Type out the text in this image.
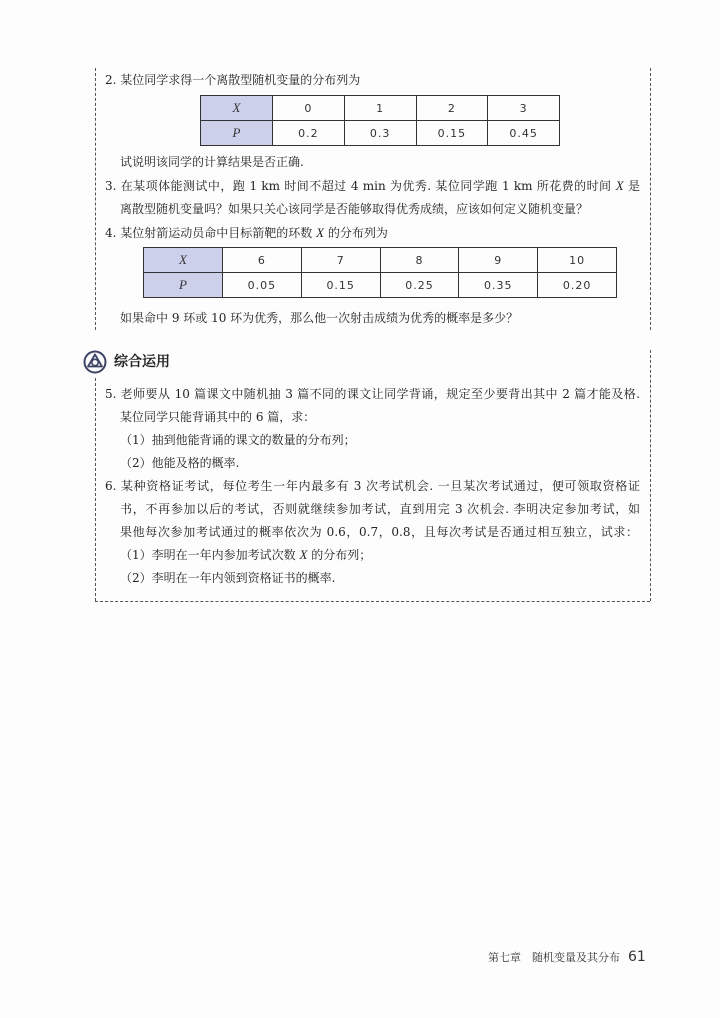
2. 某位同学求得一个离散型随机变量的分布列为
X	0	1	2	3
P	0.2	0.3	0.15	0.45
试说明该同学的计算结果是否正确.
3. 在某项体能测试中，跑 1 km 时间不超过 4 min 为优秀. 某位同学跑 1 km 所花费的时间 X 是
离散型随机变量吗？如果只关心该同学是否能够取得优秀成绩，应该如何定义随机变量？
4. 某位射箭运动员命中目标箭靶的环数 X 的分布列为
X	6	7	8	9	10
P	0.05	0.15	0.25	0.35	0.20
如果命中 9 环或 10 环为优秀，那么他一次射击成绩为优秀的概率是多少？
综合运用
5. 老师要从 10 篇课文中随机抽 3 篇不同的课文让同学背诵，规定至少要背出其中 2 篇才能及格.
某位同学只能背诵其中的 6 篇，求：
（1）抽到他能背诵的课文的数量的分布列；
（2）他能及格的概率.
6. 某种资格证考试，每位考生一年内最多有 3 次考试机会. 一旦某次考试通过，便可领取资格证
书，不再参加以后的考试，否则就继续参加考试，直到用完 3 次机会. 李明决定参加考试，如
果他每次参加考试通过的概率依次为 0.6，0.7，0.8，且每次考试是否通过相互独立，试求：
（1）李明在一年内参加考试次数 X 的分布列；
（2）李明在一年内领到资格证书的概率.
第七章　随机变量及其分布 61
